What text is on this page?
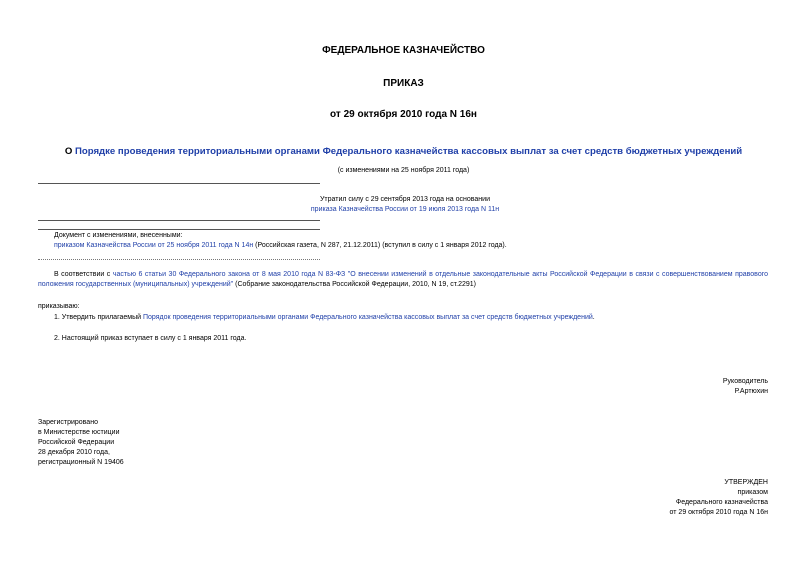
ФЕДЕРАЛЬНОЕ КАЗНАЧЕЙСТВО
ПРИКАЗ
от 29 октября 2010 года N 16н
О Порядке проведения территориальными органами Федерального казначейства кассовых выплат за счет средств бюджетных учреждений
(с изменениями на 25 ноября 2011 года)
Утратил силу с 29 сентября 2013 года на основании
приказа Казначейства России от 19 июля 2013 года N 11н
Документ с изменениями, внесенными:
приказом Казначейства России от 25 ноября 2011 года N 14н (Российская газета, N 287, 21.12.2011) (вступил в силу с 1 января 2012 года).
В соответствии с частью 6 статьи 30 Федерального закона от 8 мая 2010 года N 83-ФЗ "О внесении изменений в отдельные законодательные акты Российской Федерации в связи с совершенствованием правового положения государственных (муниципальных) учреждений" (Собрание законодательства Российской Федерации, 2010, N 19, ст.2291)
приказываю:
1. Утвердить прилагаемый Порядок проведения территориальными органами Федерального казначейства кассовых выплат за счет средств бюджетных учреждений.
2. Настоящий приказ вступает в силу с 1 января 2011 года.
Руководитель
Р.Артюхин
Зарегистрировано
в Министерстве юстиции
Российской Федерации
28 декабря 2010 года,
регистрационный N 19406
УТВЕРЖДЕН
приказом
Федерального казначейства
от 29 октября 2010 года N 16н
